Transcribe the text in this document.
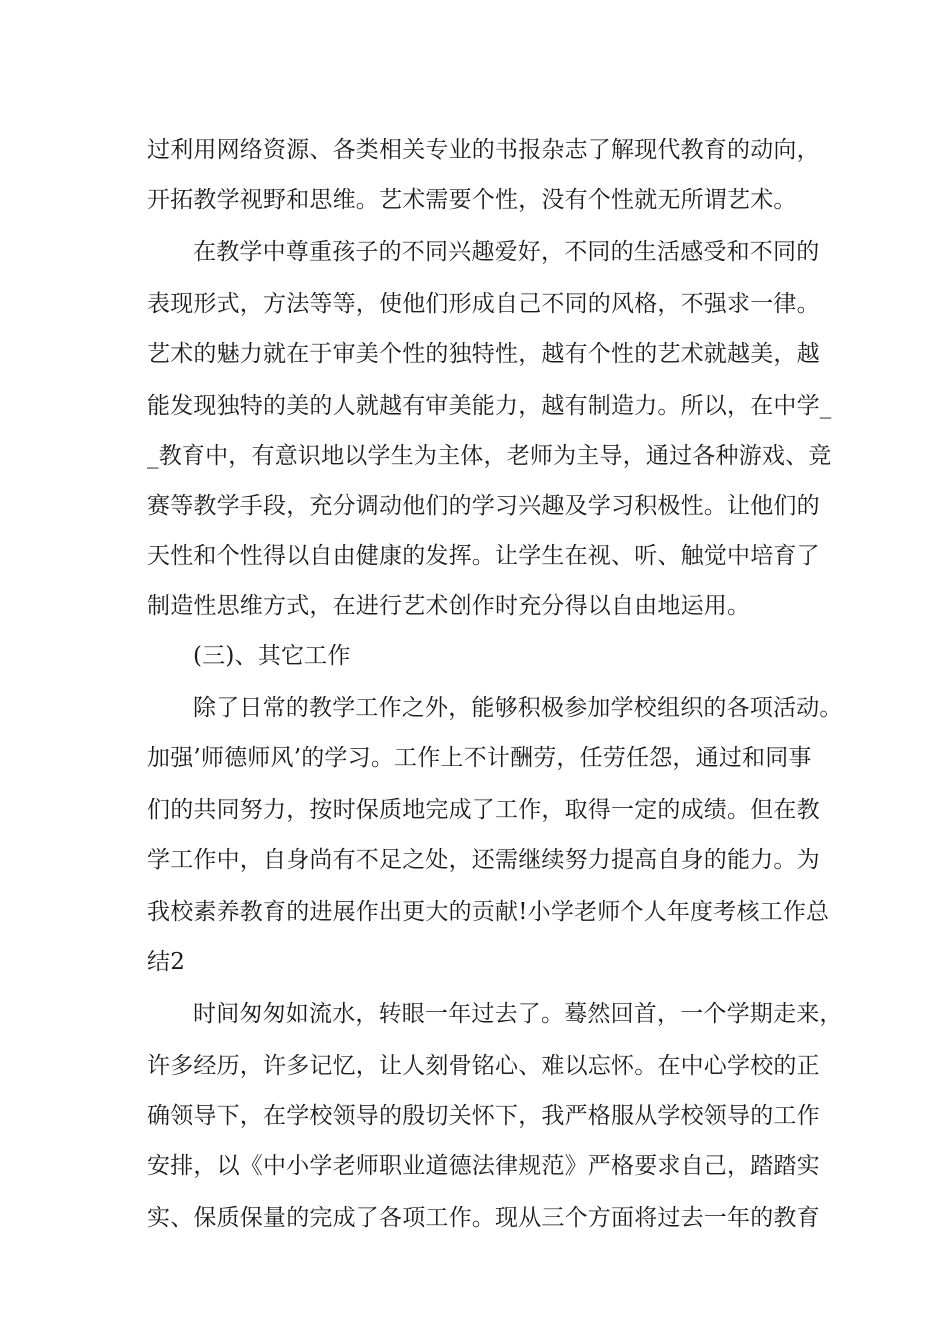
过利用网络资源、各类相关专业的书报杂志了解现代教育的动向，
开拓教学视野和思维。艺术需要个性，没有个性就无所谓艺术。
在教学中尊重孩子的不同兴趣爱好，不同的生活感受和不同的
表现形式，方法等等，使他们形成自己不同的风格，不强求一律。
艺术的魅力就在于审美个性的独特性，越有个性的艺术就越美，越
能发现独特的美的人就越有审美能力，越有制造力。所以，在中学_
_教育中，有意识地以学生为主体，老师为主导，通过各种游戏、竞
赛等教学手段，充分调动他们的学习兴趣及学习积极性。让他们的
天性和个性得以自由健康的发挥。让学生在视、听、触觉中培育了
制造性思维方式，在进行艺术创作时充分得以自由地运用。
(三)、其它工作
除了日常的教学工作之外，能够积极参加学校组织的各项活动。
加强’师德师风’的学习。工作上不计酬劳，任劳任怨，通过和同事
们的共同努力，按时保质地完成了工作，取得一定的成绩。但在教
学工作中，自身尚有不足之处，还需继续努力提高自身的能力。为
我校素养教育的进展作出更大的贡献!小学老师个人年度考核工作总
结2
时间匆匆如流水，转眼一年过去了。蓦然回首，一个学期走来，
许多经历，许多记忆，让人刻骨铭心、难以忘怀。在中心学校的正
确领导下，在学校领导的殷切关怀下，我严格服从学校领导的工作
安排，以《中小学老师职业道德法律规范》严格要求自己，踏踏实
实、保质保量的完成了各项工作。现从三个方面将过去一年的教育
